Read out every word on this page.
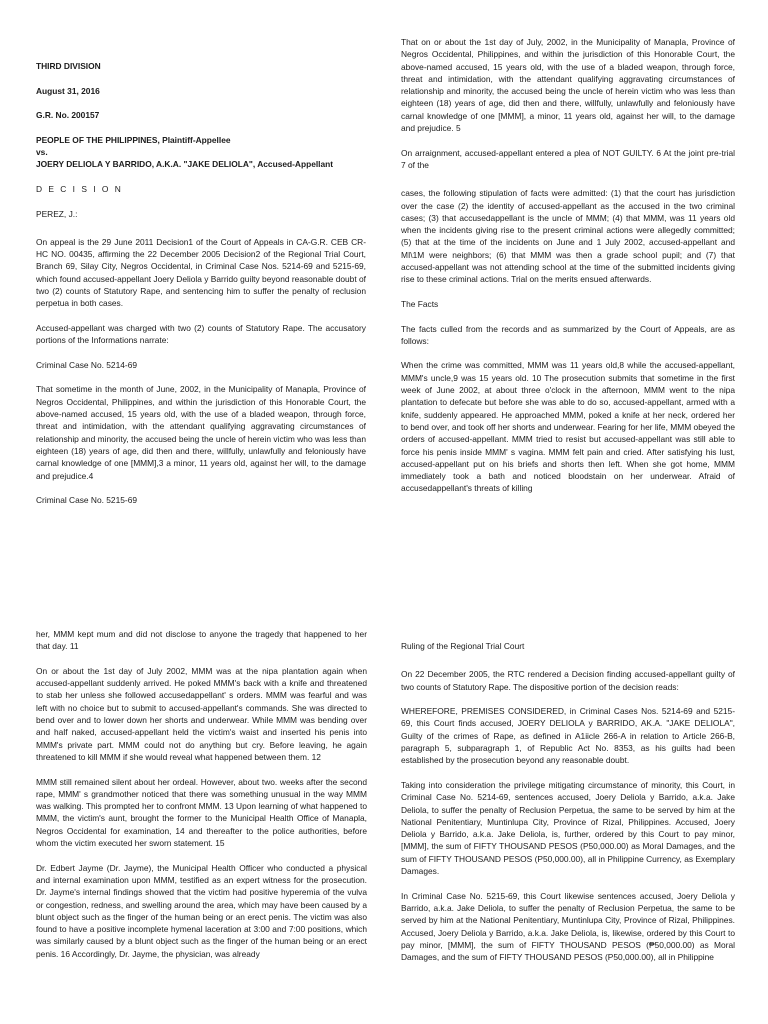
THIRD DIVISION

August 31, 2016

G.R. No. 200157

PEOPLE OF THE PHILIPPINES, Plaintiff-Appellee

vs.

JOERY DELIOLA Y BARRIDO, A.K.A. "JAKE DELIOLA", Accused-Appellant

D E C I S I O N

PEREZ, J.:

On appeal is the 29 June 2011 Decision1 of the Court of Appeals in CA-G.R. CEB CR-HC NO. 00435, affirming the 22 December 2005 Decision2 of the Regional Trial Court, Branch 69, Silay City, Negros Occidental, in Criminal Case Nos. 5214-69 and 5215-69, which found accused-appellant Joery Deliola y Barrido guilty beyond reasonable doubt of two (2) counts of Statutory Rape, and sentencing him to suffer the penalty of reclusion perpetua in both cases.

Accused-appellant was charged with two (2) counts of Statutory Rape. The accusatory portions of the Informations narrate:

Criminal Case No. 5214-69

That sometime in the month of June, 2002, in the Municipality of Manapla, Province of Negros Occidental, Philippines, and within the jurisdiction of this Honorable Court, the above-named accused, 15 years old, with the use of a bladed weapon, through force, threat and intimidation, with the attendant qualifying aggravating circumstances of relationship and minority, the accused being the uncle of herein victim who was less than eighteen (18) years of age, did then and there, willfully, unlawfully and feloniously have carnal knowledge of one [MMM],3 a minor, 11 years old, against her will, to the damage and prejudice.4

Criminal Case No. 5215-69

That on or about the 1st day of July, 2002, in the Municipality of Manapla, Province of Negros Occidental, Philippines, and within the jurisdiction of this Honorable Court, the above-named accused, 15 years old, with the use of a bladed weapon, through force, threat and intimidation, with the attendant qualifying aggravating circumstances of relationship and minority, the accused being the uncle of herein victim who was less than eighteen (18) years of age, did then and there, willfully, unlawfully and feloniously have carnal knowledge of one [MMM], a minor, 11 years old, against her will, to the damage and prejudice. 5

On arraignment, accused-appellant entered a plea of NOT GUILTY. 6 At the joint pre-trial 7 of the

cases, the following stipulation of facts were admitted: (1) that the court has jurisdiction over the case (2) the identity of accused-appellant as the accused in the two criminal cases; (3) that accusedappellant is the uncle of MMM; (4) that MMM, was 11 years old when the incidents giving rise to the present criminal actions were allegedly committed; (5) that at the time of the incidents on June and 1 July 2002, accused-appellant and MI\1M were neighbors; (6) that MMM was then a grade school pupil; and (7) that accused-appellant was not attending school at the time of the submitted incidents giving rise to these criminal actions. Trial on the merits ensued afterwards.

The Facts

The facts culled from the records and as summarized by the Court of Appeals, are as follows:

When the crime was committed, MMM was 11 years old,8 while the accused-appellant, MMM's uncle,9 was 15 years old. 10 The prosecution submits that sometime in the first week of June 2002, at about three o'clock in the afternoon, MMM went to the nipa plantation to defecate but before she was able to do so, accused-appellant, armed with a knife, suddenly appeared. He approached MMM, poked a knife at her neck, ordered her to bend over, and took off her shorts and underwear. Fearing for her life, MMM obeyed the orders of accused-appellant. MMM tried to resist but accused-appellant was still able to force his penis inside MMM' s vagina. MMM felt pain and cried. After satisfying his lust, accused-appellant put on his briefs and shorts then left. When she got home, MMM immediately took a bath and noticed bloodstain on her underwear. Afraid of accusedappellant's threats of killing

her, MMM kept mum and did not disclose to anyone the tragedy that happened to her that day. 11

On or about the 1st day of July 2002, MMM was at the nipa plantation again when accused-appellant suddenly arrived. He poked MMM's back with a knife and threatened to stab her unless she followed accusedappellant' s orders. MMM was fearful and was left with no choice but to submit to accused-appellant's commands. She was directed to bend over and to lower down her shorts and underwear. While MMM was bending over and half naked, accused-appellant held the victim's waist and inserted his penis into MMM's private part. MMM could not do anything but cry. Before leaving, he again threatened to kill MMM if she would reveal what happened between them. 12

MMM still remained silent about her ordeal. However, about two. weeks after the second rape, MMM' s grandmother noticed that there was something unusual in the way MMM was walking. This prompted her to confront MMM. 13 Upon learning of what happened to MMM, the victim's aunt, brought the former to the Municipal Health Office of Manapla, Negros Occidental for examination, 14 and thereafter to the police authorities, before whom the victim executed her sworn statement. 15

Dr. Edbert Jayme (Dr. Jayme), the Municipal Health Officer who conducted a physical and internal examination upon MMM, testified as an expert witness for the prosecution. Dr. Jayme's internal findings showed that the victim had positive hyperemia of the vulva or congestion, redness, and swelling around the area, which may have been caused by a blunt object such as the finger of the human being or an erect penis. The victim was also found to have a positive incomplete hymenal laceration at 3:00 and 7:00 positions, which was similarly caused by a blunt object such as the finger of the human being or an erect penis. 16 Accordingly, Dr. Jayme, the physician, was already

Ruling of the Regional Trial Court

On 22 December 2005, the RTC rendered a Decision finding accused-appellant guilty of two counts of Statutory Rape. The dispositive portion of the decision reads:

WHEREFORE, PREMISES CONSIDERED, in Criminal Cases Nos. 5214-69 and 5215-69, this Court finds accused, JOERY DELIOLA y BARRIDO, AK.A. "JAKE DELIOLA", Guilty of the crimes of Rape, as defined in A1iicle 266-A in relation to Article 266-B, paragraph 5, subparagraph 1, of Republic Act No. 8353, as his guilts had been established by the prosecution beyond any reasonable doubt.

Taking into consideration the privilege mitigating circumstance of minority, this Court, in Criminal Case No. 5214-69, sentences accused, Joery Deliola y Barrido, a.k.a. Jake Deliola, to suffer the penalty of Reclusion Perpetua, the same to be served by him at the National Penitentiary, Muntinlupa City, Province of Rizal, Philippines. Accused, Joery Deliola y Barrido, a.k.a. Jake Deliola, is, further, ordered by this Court to pay minor, [MMM], the sum of FIFTY THOUSAND PESOS (P50,000.00) as Moral Damages, and the sum of FIFTY THOUSAND PESOS (P50,000.00), all in Philippine Currency, as Exemplary Damages.

In Criminal Case No. 5215-69, this Court likewise sentences accused, Joery Deliola y Barrido, a.k.a. Jake Deliola, to suffer the penalty of Reclusion Perpetua, the same to be served by him at the National Penitentiary, Muntinlupa City, Province of Rizal, Philippines. Accused, Joery Deliola y Barrido, a.k.a. Jake Deliola, is, likewise, ordered by this Court to pay minor, [MMM], the sum of FIFTY THOUSAND PESOS (₱50,000.00) as Moral Damages, and the sum of FIFTY THOUSAND PESOS (P50,000.00), all in Philippine
